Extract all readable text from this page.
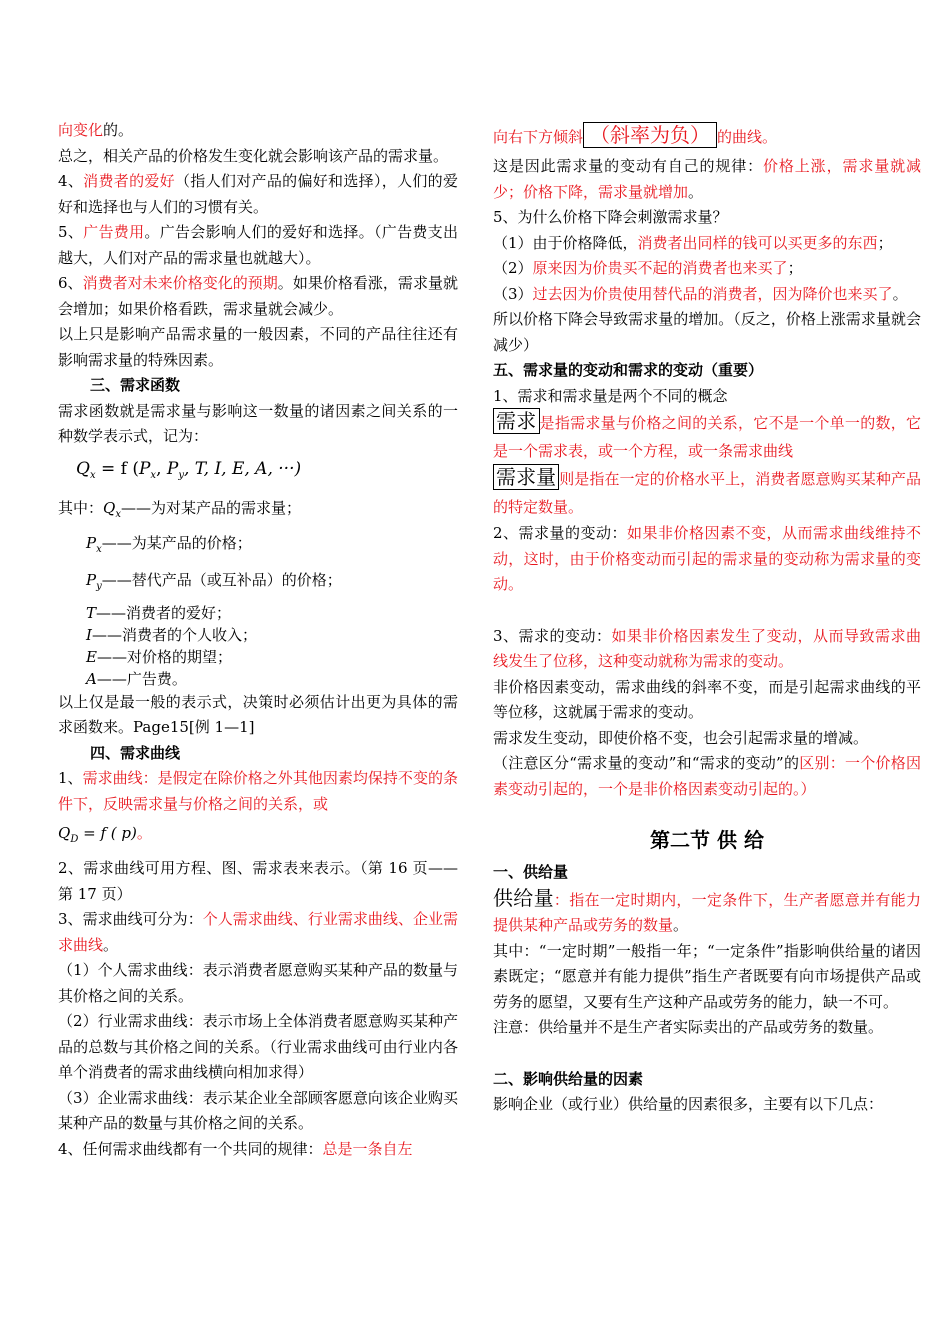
向变化的。

总之，相关产品的价格发生变化就会影响该产品的需求量。

4、消费者的爱好（指人们对产品的偏好和选择），人们的爱好和选择也与人们的习惯有关。

5、广告费用。广告会影响人们的爱好和选择。（广告费支出越大，人们对产品的需求量也就越大）。

6、消费者对未来价格变化的预期。如果价格看涨，需求量就会增加；如果价格看跌，需求量就会减少。

以上只是影响产品需求量的一般因素，不同的产品往往还有影响需求量的特殊因素。

三、需求函数

需求函数就是需求量与影响这一数量的诸因素之间关系的一种数学表示式，记为：

$Q_x = f$ ($P_x$, $P_y$, T, I, E, A, ···)

其中：$Q_x——$为对某产品的需求量；

$P_x——$为某产品的价格；

$P_y——$替代产品（或互补品）的价格；

T——消费者的爱好；

I——消费者的个人收入；

E——对价格的期望；

A——广告费。

以上仅是最一般的表示式，决策时必须估计出更为具体的需求函数来。Page15[例 1—1]

四、需求曲线

1、需求曲线：是假定在除价格之外其他因素均保持不变的条件下，反映需求量与价格之间的关系，或

$Q_D = f$ ( p)。

2、需求曲线可用方程、图、需求表来表示。（第 16 页——第 17 页）

3、需求曲线可分为：个人需求曲线、行业需求曲线、企业需求曲线。

（1）个人需求曲线：表示消费者愿意购买某种产品的数量与其价格之间的关系。

（2）行业需求曲线：表示市场上全体消费者愿意购买某种产品的总数与其价格之间的关系。（行业需求曲线可由行业内各单个消费者的需求曲线横向相加求得）

（3）企业需求曲线：表示某企业全部顾客愿意向该企业购买某种产品的数量与其价格之间的关系。

4、任何需求曲线都有一个共同的规律：总是一条自左

向右下方倾斜 （斜率为负） 的曲线。

这是因此需求量的变动有自己的规律：价格上涨，需求量就减少；价格下降，需求量就增加。

5、为什么价格下降会刺激需求量？

（1）由于价格降低，消费者出同样的钱可以买更多的东西；

（2）原来因为价贵买不起的消费者也来买了；

（3）过去因为价贵使用替代品的消费者，因为降价也来买了。

所以价格下降会导致需求量的增加。（反之，价格上涨需求量就会减少）

五、需求量的变动和需求的变动（重要）

1、需求和需求量是两个不同的概念

需求 是指需求量与价格之间的关系，它不是一个单一的数，它是一个需求表，或一个方程，或一条需求曲线

需求量 则是指在一定的价格水平上，消费者愿意购买某种产品的特定数量。

2、需求量的变动：如果非价格因素不变，从而需求曲线维持不动，这时，由于价格变动而引起的需求量的变动称为需求量的变动。

3、需求的变动：如果非价格因素发生了变动，从而导致需求曲线发生了位移，这种变动就称为需求的变动。

非价格因素变动，需求曲线的斜率不变，而是引起需求曲线的平等位移，这就属于需求的变动。

需求发生变动，即使价格不变，也会引起需求量的增减。

（注意区分“需求量的变动”和“需求的变动”的区别：一个价格因素变动引起的，一个是非价格因素变动引起的。）

第二节 供 给

一、供给量

供给量：指在一定时期内，一定条件下，生产者愿意并有能力提供某种产品或劳务的数量。

其中：“一定时期”一般指一年；“一定条件”指影响供给量的诸因素既定；“愿意并有能力提供”指生产者既要有向市场提供产品或劳务的愿望，又要有生产这种产品或劳务的能力，缺一不可。

注意：供给量并不是生产者实际卖出的产品或劳务的数量。

二、影响供给量的因素

影响企业（或行业）供给量的因素很多，主要有以下几点：
